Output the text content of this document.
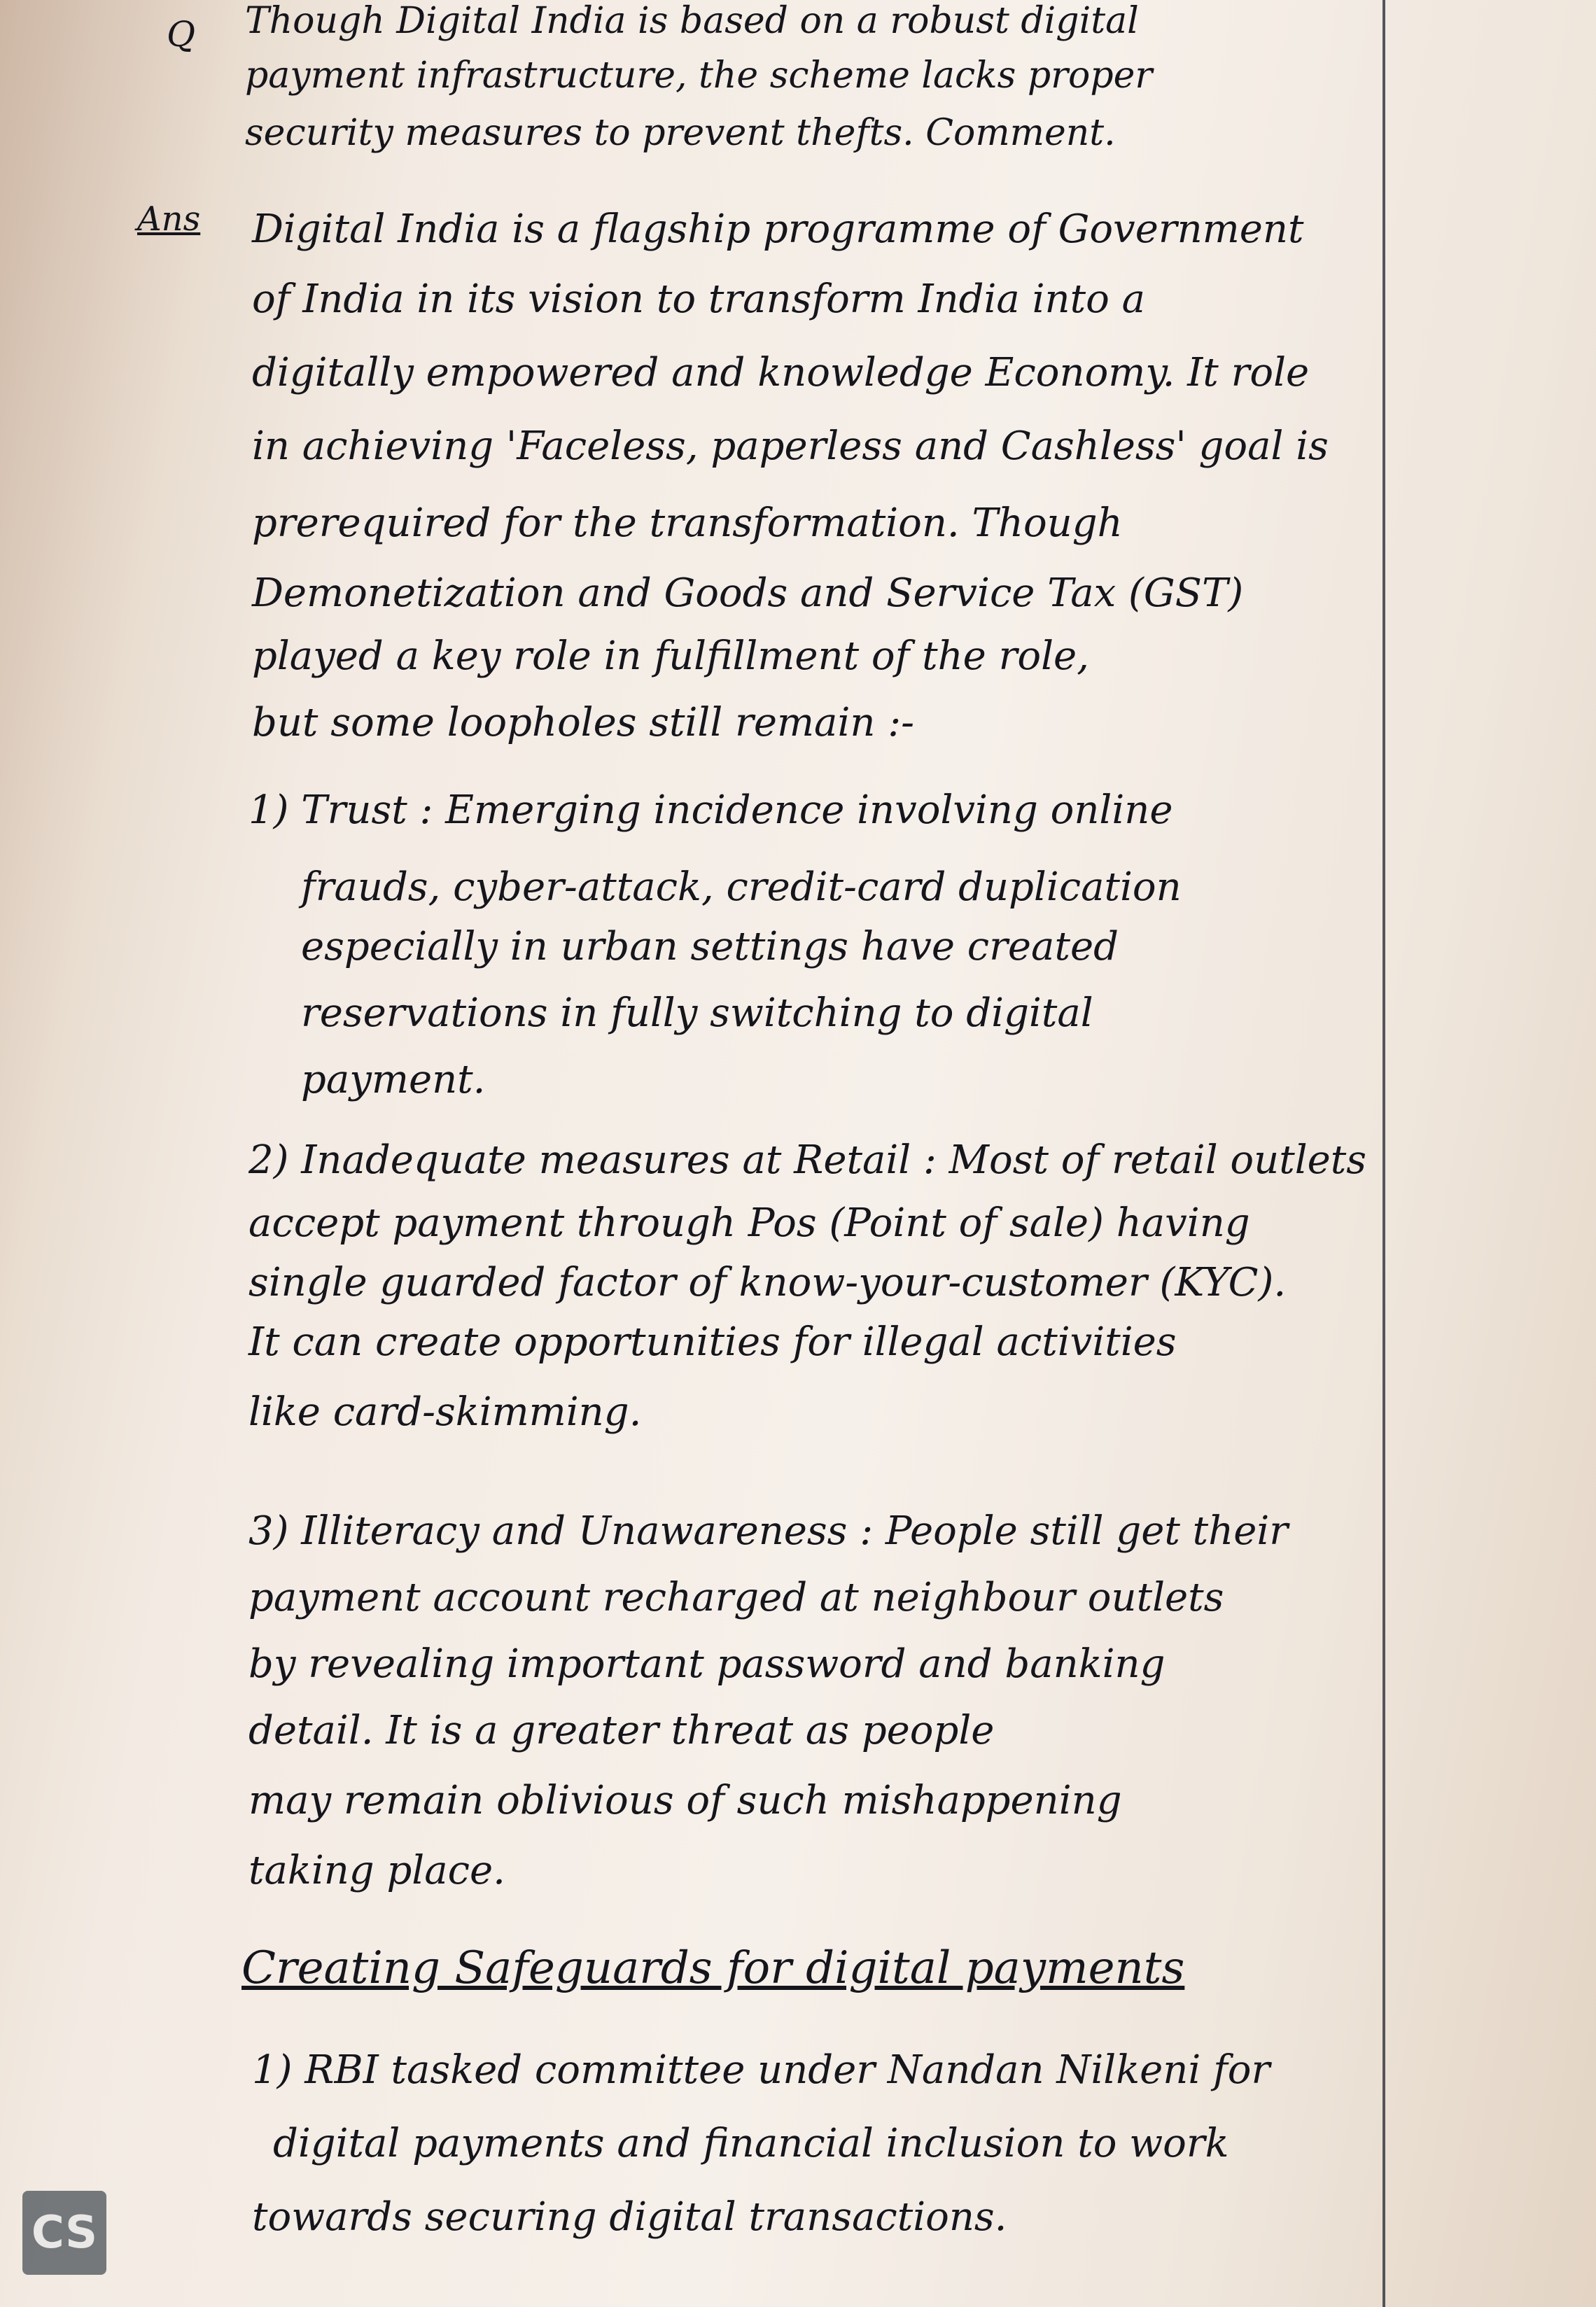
Q Though Digital India is based on a robust digital
payment infrastructure, the scheme lacks proper
security measures to prevent thefts. Comment.
Ans Digital India is a flagship programme of Government
of India in its vision to transform India into a
digitally empowered and knowledge Economy. It role
in achieving 'Faceless, paperless and Cashless' goal is
prerequired for the transformation. Though
Demonetization and Goods and Service Tax (GST)
played a key role in fulfillment of the role,
but some loopholes still remain :-
1) Trust : Emerging incidence involving online
frauds, cyber-attack, credit-card duplication
especially in urban settings have created
reservations in fully switching to digital
payment.
2) Inadequate measures at Retail : Most of retail outlets
accept payment through Pos (Point of sale) having
single guarded factor of know-your-customer (KYC).
It can create opportunities for illegal activities
like card-skimming.
3) Illiteracy and Unawareness : People still get their
payment account recharged at neighbour outlets
by revealing important password and banking
detail. It is a greater threat as people
may remain oblivious of such mishappening
taking place.
Creating Safeguards for digital payments
1) RBI tasked committee under Nandan Nilkeni for
digital payments and financial inclusion to work
towards securing digital transactions.
CS
